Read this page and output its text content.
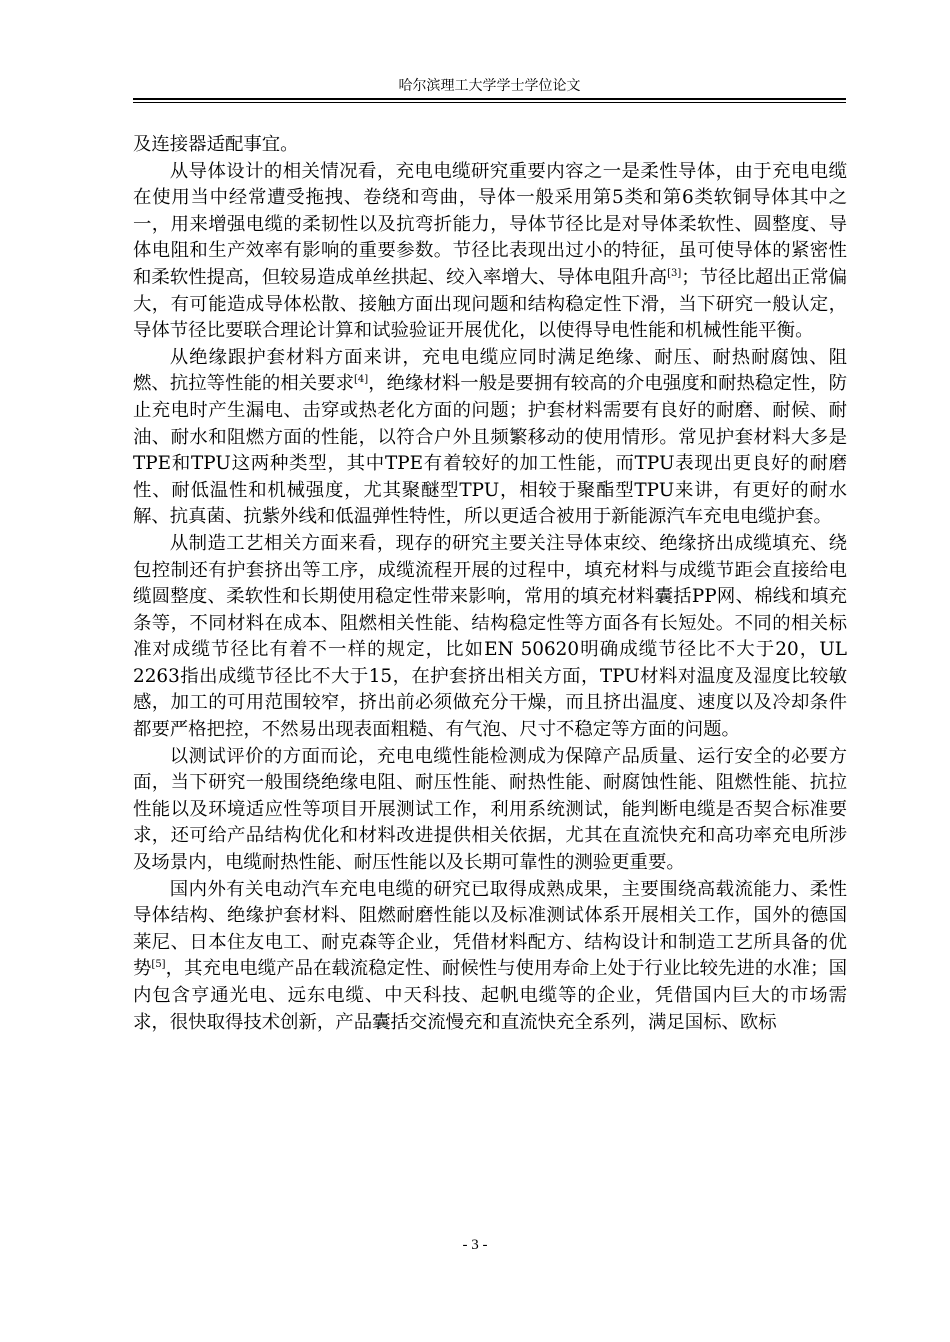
哈尔滨理工大学学士学位论文

及连接器适配事宜。

从导体设计的相关情况看，充电电缆研究重要内容之一是柔性导体，由于充电电缆在使用当中经常遭受拖拽、卷绕和弯曲，导体一般采用第5类和第6类软铜导体其中之一，用来增强电缆的柔韧性以及抗弯折能力，导体节径比是对导体柔软性、圆整度、导体电阻和生产效率有影响的重要参数。节径比表现出过小的特征，虽可使导体的紧密性和柔软性提高，但较易造成单丝拱起、绞入率增大、导体电阻升高[3]；节径比超出正常偏大，有可能造成导体松散、接触方面出现问题和结构稳定性下滑，当下研究一般认定，导体节径比要联合理论计算和试验验证开展优化，以使得导电性能和机械性能平衡。

从绝缘跟护套材料方面来讲，充电电缆应同时满足绝缘、耐压、耐热耐腐蚀、阻燃、抗拉等性能的相关要求[4]，绝缘材料一般是要拥有较高的介电强度和耐热稳定性，防止充电时产生漏电、击穿或热老化方面的问题；护套材料需要有良好的耐磨、耐候、耐油、耐水和阻燃方面的性能，以符合户外且频繁移动的使用情形。常见护套材料大多是TPE和TPU这两种类型，其中TPE有着较好的加工性能，而TPU表现出更良好的耐磨性、耐低温性和机械强度，尤其聚醚型TPU，相较于聚酯型TPU来讲，有更好的耐水解、抗真菌、抗紫外线和低温弹性特性，所以更适合被用于新能源汽车充电电缆护套。

从制造工艺相关方面来看，现存的研究主要关注导体束绞、绝缘挤出成缆填充、绕包控制还有护套挤出等工序，成缆流程开展的过程中，填充材料与成缆节距会直接给电缆圆整度、柔软性和长期使用稳定性带来影响，常用的填充材料囊括PP网、棉线和填充条等，不同材料在成本、阻燃相关性能、结构稳定性等方面各有长短处。不同的相关标准对成缆节径比有着不一样的规定，比如EN 50620明确成缆节径比不大于20，UL 2263指出成缆节径比不大于15，在护套挤出相关方面，TPU材料对温度及湿度比较敏感，加工的可用范围较窄，挤出前必须做充分干燥，而且挤出温度、速度以及冷却条件都要严格把控，不然易出现表面粗糙、有气泡、尺寸不稳定等方面的问题。

以测试评价的方面而论，充电电缆性能检测成为保障产品质量、运行安全的必要方面，当下研究一般围绕绝缘电阻、耐压性能、耐热性能、耐腐蚀性能、阻燃性能、抗拉性能以及环境适应性等项目开展测试工作，利用系统测试，能判断电缆是否契合标准要求，还可给产品结构优化和材料改进提供相关依据，尤其在直流快充和高功率充电所涉及场景内，电缆耐热性能、耐压性能以及长期可靠性的测验更重要。

国内外有关电动汽车充电电缆的研究已取得成熟成果，主要围绕高载流能力、柔性导体结构、绝缘护套材料、阻燃耐磨性能以及标准测试体系开展相关工作，国外的德国莱尼、日本住友电工、耐克森等企业，凭借材料配方、结构设计和制造工艺所具备的优势[5]，其充电电缆产品在载流稳定性、耐候性与使用寿命上处于行业比较先进的水准；国内包含亨通光电、远东电缆、中天科技、起帆电缆等的企业，凭借国内巨大的市场需求，很快取得技术创新，产品囊括交流慢充和直流快充全系列，满足国标、欧标

- 3 -
